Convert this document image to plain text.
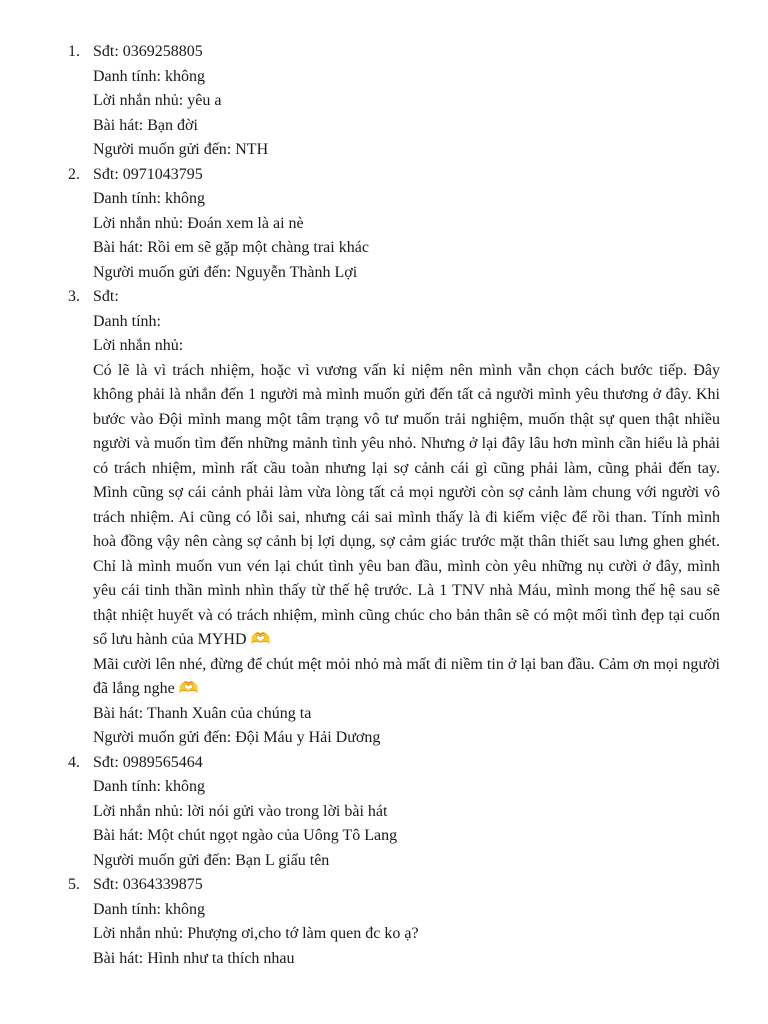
1. Sđt: 0369258805
Danh tính: không
Lời nhắn nhủ: yêu a
Bài hát: Bạn đời
Người muốn gửi đến: NTH
2. Sđt: 0971043795
Danh tính: không
Lời nhắn nhủ: Đoán xem là ai nè
Bài hát: Rồi em sẽ gặp một chàng trai khác
Người muốn gửi đến: Nguyễn Thành Lợi
3. Sđt:
Danh tính:
Lời nhắn nhủ:
Có lẽ là vì trách nhiệm, hoặc vì vương vấn kỉ niệm nên mình vẫn chọn cách bước tiếp. Đây không phải là nhắn đến 1 người mà mình muốn gửi đến tất cả người mình yêu thương ở đây. Khi bước vào Đội mình mang một tâm trạng vô tư muốn trải nghiệm, muốn thật sự quen thật nhiều người và muốn tìm đến những mảnh tình yêu nhỏ. Nhưng ở lại đây lâu hơn mình cần hiểu là phải có trách nhiệm, mình rất cầu toàn nhưng lại sợ cảnh cái gì cũng phải làm, cũng phải đến tay. Mình cũng sợ cái cảnh phải làm vừa lòng tất cả mọi người còn sợ cảnh làm chung với người vô trách nhiệm. Ai cũng có lỗi sai, nhưng cái sai mình thấy là đi kiếm việc để rồi than. Tính mình hoà đồng vậy nên càng sợ cảnh bị lợi dụng, sợ cảm giác trước mặt thân thiết sau lưng ghen ghét. Chỉ là mình muốn vun vén lại chút tình yêu ban đầu, mình còn yêu những nụ cười ở đây, mình yêu cái tinh thần mình nhìn thấy từ thế hệ trước. Là 1 TNV nhà Máu, mình mong thế hệ sau sẽ thật nhiệt huyết và có trách nhiệm, mình cũng chúc cho bản thân sẽ có một mối tình đẹp tại cuốn sổ lưu hành của MYHD 🫶
Mãi cười lên nhé, đừng để chút mệt mỏi nhỏ mà mất đi niềm tin ở lại ban đầu. Cảm ơn mọi người đã lắng nghe 🫶
Bài hát: Thanh Xuân của chúng ta
Người muốn gửi đến: Đội Máu y Hải Dương
4. Sđt: 0989565464
Danh tính: không
Lời nhắn nhủ: lời nói gửi vào trong lời bài hát
Bài hát: Một chút ngọt ngào của Uông Tô Lang
Người muốn gửi đến: Bạn L giấu tên
5. Sđt: 0364339875
Danh tính: không
Lời nhắn nhủ: Phượng ơi,cho tớ làm quen đc ko ạ?
Bài hát: Hình như ta thích nhau
